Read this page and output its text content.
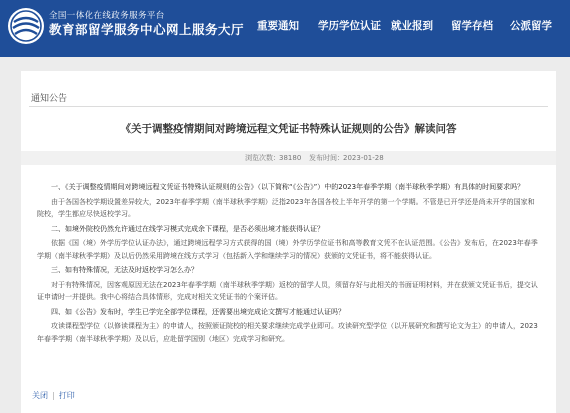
全国一体化在线政务服务平台
教育部留学服务中心网上服务大厅 重要通知 学历学位认证 就业报到 留学存档 公派留学
通知公告
《关于调整疫情期间对跨境远程文凭证书特殊认证规则的公告》解读问答
浏览次数： 38180 发布时间： 2023-01-28

一、《关于调整疫情期间对跨境远程文凭证书特殊认证规则的公告》（以下简称“《公告》”）中的2023年春季学期（南半球秋季学期）有具体的时间要求吗？

由于各国各校学期设置差异较大，2023年春季学期（南半球秋季学期）泛指2023年各国各校上半年开学的第一个学期。不管是已开学还是尚未开学的国家和院校，学生都应尽快返校学习。

二、如境外院校仍然允许通过在线学习模式完成余下课程，是否必须出境才能获得认证？

依据《国（境）外学历学位认证办法》，通过跨境远程学习方式获得的国（境）外学历学位证书和高等教育文凭不在认证范围。《公告》发布后，在2023年春季学期（南半球秋季学期）及以后仍然采用跨境在线方式学习（包括新入学和继续学习的情况）获颁的文凭证书，将不能获得认证。

三、如有特殊情况，无法及时返校学习怎么办？

对于有特殊情况，因客观原因无法在2023年春季学期（南半球秋季学期）返校的留学人员，须留存好与此相关的书面证明材料，并在获颁文凭证书后，提交认证申请时一并提供。我中心将结合具体情形，完成对相关文凭证书的个案评估。

四、如《公告》发布时，学生已学完全部学位课程，还需要出境完成论文撰写才能通过认证吗？

攻读课程型学位（以修读课程为主）的申请人，按照颁证院校的相关要求继续完成学业即可。攻读研究型学位（以开展研究和撰写论文为主）的申请人，2023年春季学期（南半球秋季学期）及以后，应赴留学国别（地区）完成学习和研究。

关闭 | 打印
